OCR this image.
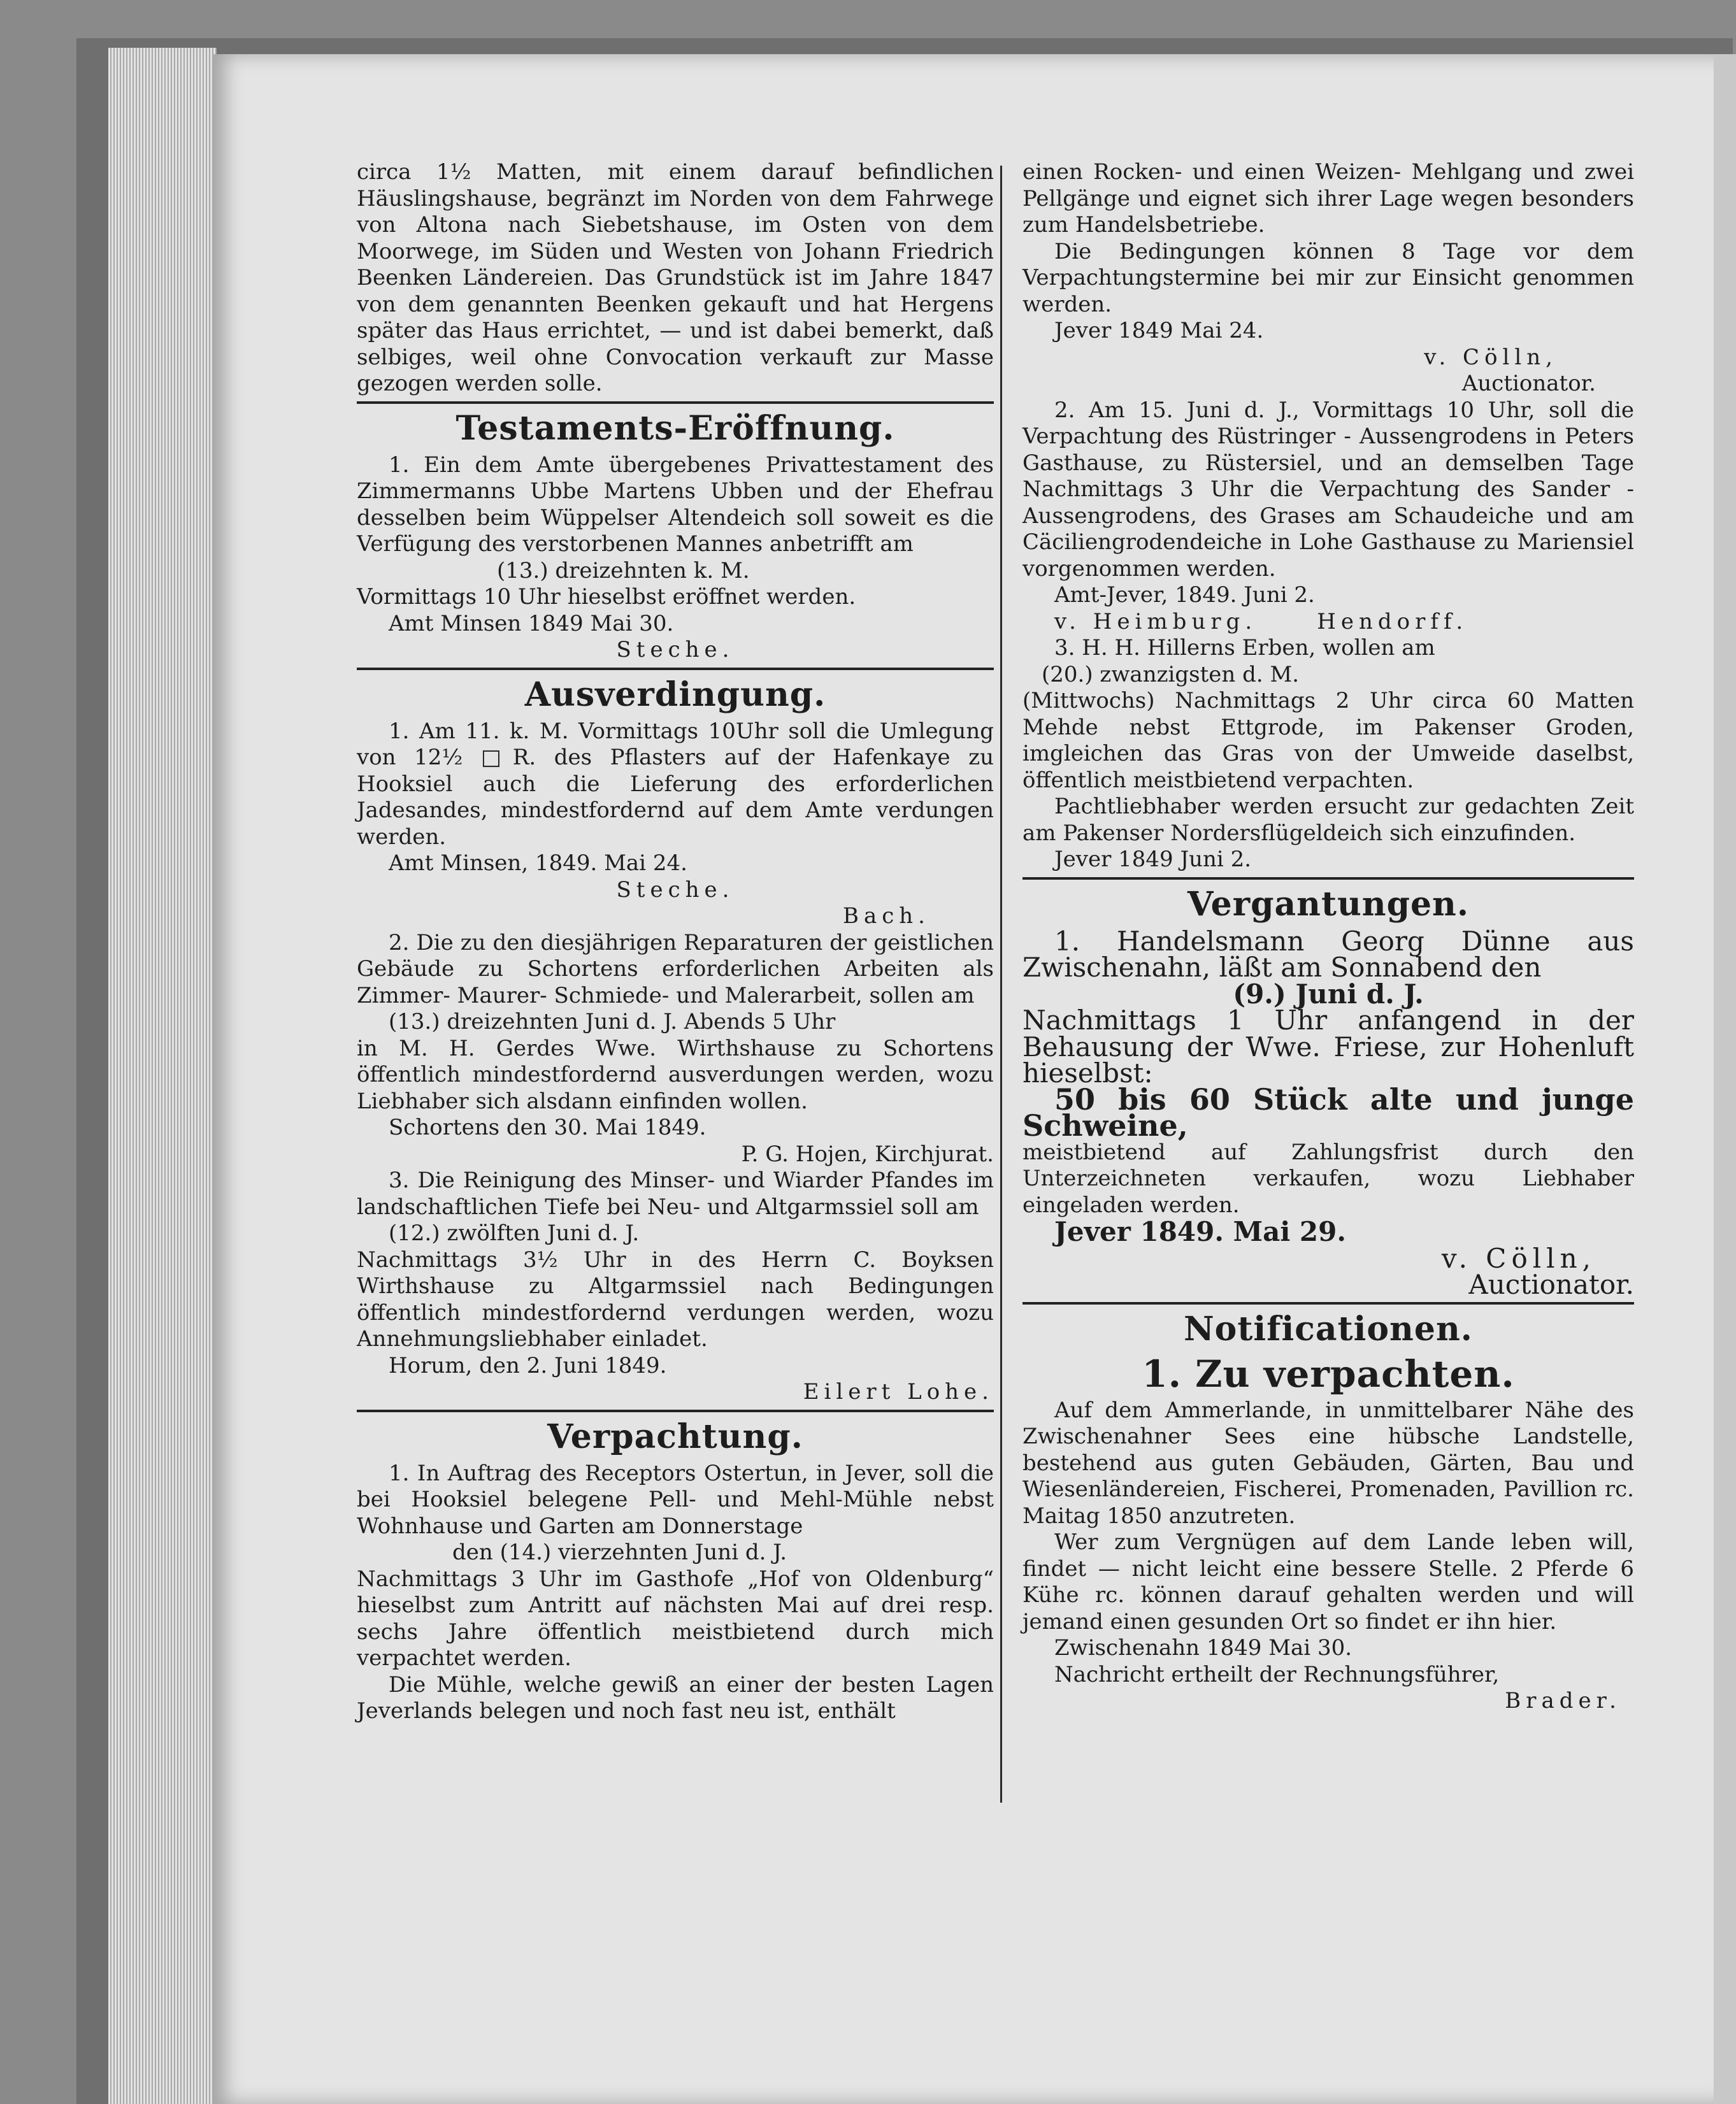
circa 1½ Matten, mit einem darauf befindlichen Häuslingshause, begränzt im Norden von dem Fahrwege von Altona nach Siebetshause, im Osten von dem Moorwege, im Süden und Westen von Johann Friedrich Beenken Ländereien. Das Grundstück ist im Jahre 1847 von dem genannten Beenken gekauft und hat Hergens später das Haus errichtet, — und ist dabei bemerkt, daß selbiges, weil ohne Convocation verkauft zur Masse gezogen werden solle.

Testaments-Eröffnung.

1. Ein dem Amte übergebenes Privattestament des Zimmermanns Ubbe Martens Ubben und der Ehefrau desselben beim Wüppelser Altendeich soll soweit es die Verfügung des verstorbenen Mannes anbetrifft am

(13.) dreizehnten k. M.

Vormittags 10 Uhr hieselbst eröffnet werden.

Amt Minsen 1849 Mai 30.

Steche.

Ausverdingung.

1. Am 11. k. M. Vormittags 10Uhr soll die Umlegung von 12½ □R. des Pflasters auf der Hafenkaye zu Hooksiel auch die Lieferung des erforderlichen Jadesandes, mindestfordernd auf dem Amte verdungen werden.

Amt Minsen, 1849. Mai 24.

Steche.

Bach.

2. Die zu den diesjährigen Reparaturen der geistlichen Gebäude zu Schortens erforderlichen Arbeiten als Zimmer- Maurer- Schmiede- und Malerarbeit, sollen am

(13.) dreizehnten Juni d. J. Abends 5 Uhr

in M. H. Gerdes Wwe. Wirthshause zu Schortens öffentlich mindestfordernd ausverdungen werden, wozu Liebhaber sich alsdann einfinden wollen.

Schortens den 30. Mai 1849.

P. G. Hojen, Kirchjurat.

3. Die Reinigung des Minser- und Wiarder Pfandes im landschaftlichen Tiefe bei Neu- und Altgarmssiel soll am

(12.) zwölften Juni d. J.

Nachmittags 3½ Uhr in des Herrn C. Boyksen Wirthshause zu Altgarmssiel nach Bedingungen öffentlich mindestfordernd verdungen werden, wozu Annehmungsliebhaber einladet.

Horum, den 2. Juni 1849.

Eilert Lohe.

Verpachtung.

1. In Auftrag des Receptors Ostertun, in Jever, soll die bei Hooksiel belegene Pell- und Mehl-Mühle nebst Wohnhause und Garten am Donnerstage

den (14.) vierzehnten Juni d. J.

Nachmittags 3 Uhr im Gasthofe „Hof von Oldenburg“ hieselbst zum Antritt auf nächsten Mai auf drei resp. sechs Jahre öffentlich meistbietend durch mich verpachtet werden.

Die Mühle, welche gewiß an einer der besten Lagen Jeverlands belegen und noch fast neu ist, enthält

einen Rocken- und einen Weizen- Mehlgang und zwei Pellgänge und eignet sich ihrer Lage wegen besonders zum Handelsbetriebe.

Die Bedingungen können 8 Tage vor dem Verpachtungstermine bei mir zur Einsicht genommen werden.

Jever 1849 Mai 24.

v. Cölln,

Auctionator.

2. Am 15. Juni d. J., Vormittags 10 Uhr, soll die Verpachtung des Rüstringer - Aussengrodens in Peters Gasthause, zu Rüstersiel, und an demselben Tage Nachmittags 3 Uhr die Verpachtung des Sander - Aussengrodens, des Grases am Schaudeiche und am Cäciliengrodendeiche in Lohe Gasthause zu Mariensiel vorgenommen werden.

Amt-Jever, 1849. Juni 2.

v. Heimburg.     Hendorff.

3. H. H. Hillerns Erben, wollen am

(20.) zwanzigsten d. M.

(Mittwochs) Nachmittags 2 Uhr circa 60 Matten Mehde nebst Ettgrode, im Pakenser Groden, imgleichen das Gras von der Umweide daselbst, öffentlich meistbietend verpachten.

Pachtliebhaber werden ersucht zur gedachten Zeit am Pakenser Nordersflügeldeich sich einzufinden.

Jever 1849 Juni 2.

Vergantungen.

1. Handelsmann Georg Dünne aus Zwischenahn, läßt am Sonnabend den

(9.) Juni d. J.

Nachmittags 1 Uhr anfangend in der Behausung der Wwe. Friese, zur Hohenluft hieselbst:

50 bis 60 Stück alte und junge Schweine,

meistbietend auf Zahlungsfrist durch den Unterzeichneten verkaufen, wozu Liebhaber eingeladen werden.

Jever 1849. Mai 29.

v. Cölln,

Auctionator.

Notificationen.
1. Zu verpachten.

Auf dem Ammerlande, in unmittelbarer Nähe des Zwischenahner Sees eine hübsche Landstelle, bestehend aus guten Gebäuden, Gärten, Bau und Wiesenländereien, Fischerei, Promenaden, Pavillion rc. Maitag 1850 anzutreten.

Wer zum Vergnügen auf dem Lande leben will, findet — nicht leicht eine bessere Stelle. 2 Pferde 6 Kühe rc. können darauf gehalten werden und will jemand einen gesunden Ort so findet er ihn hier.

Zwischenahn 1849 Mai 30.

Nachricht ertheilt der Rechnungsführer,

Brader.
